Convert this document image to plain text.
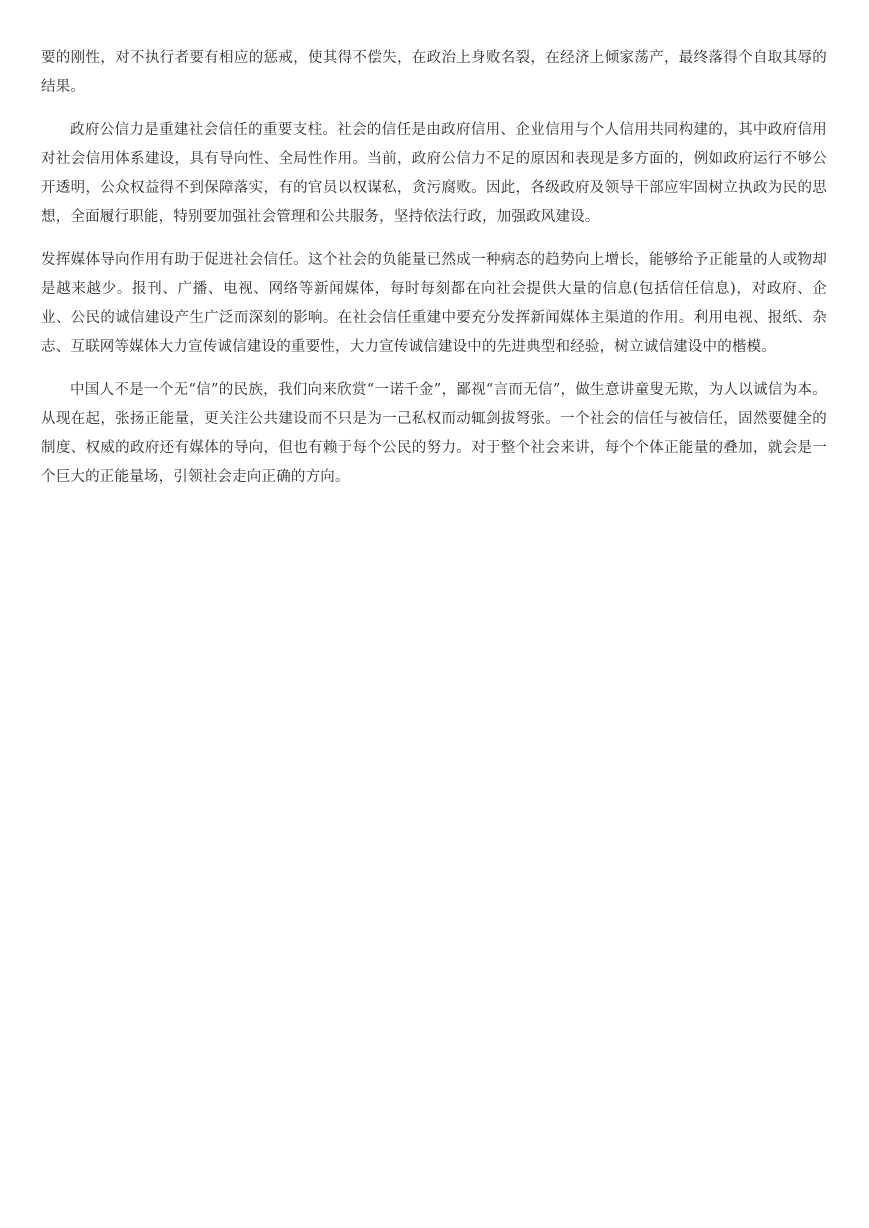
要的刚性，对不执行者要有相应的惩戒，使其得不偿失，在政治上身败名裂，在经济上倾家荡产，最终落得个自取其辱的结果。

政府公信力是重建社会信任的重要支柱。社会的信任是由政府信用、企业信用与个人信用共同构建的，其中政府信用对社会信用体系建设，具有导向性、全局性作用。当前，政府公信力不足的原因和表现是多方面的，例如政府运行不够公开透明，公众权益得不到保障落实，有的官员以权谋私，贪污腐败。因此，各级政府及领导干部应牢固树立执政为民的思想，全面履行职能，特别要加强社会管理和公共服务，坚持依法行政，加强政风建设。

发挥媒体导向作用有助于促进社会信任。这个社会的负能量已然成一种病态的趋势向上增长，能够给予正能量的人或物却是越来越少。报刊、广播、电视、网络等新闻媒体，每时每刻都在向社会提供大量的信息(包括信任信息)，对政府、企业、公民的诚信建设产生广泛而深刻的影响。在社会信任重建中要充分发挥新闻媒体主渠道的作用。利用电视、报纸、杂志、互联网等媒体大力宣传诚信建设的重要性，大力宣传诚信建设中的先进典型和经验，树立诚信建设中的楷模。

中国人不是一个无“信”的民族，我们向来欣赏“一诺千金”，鄙视“言而无信”，做生意讲童叟无欺，为人以诚信为本。从现在起，张扬正能量，更关注公共建设而不只是为一己私权而动辄剑拔弩张。一个社会的信任与被信任，固然要健全的制度、权威的政府还有媒体的导向，但也有赖于每个公民的努力。对于整个社会来讲，每个个体正能量的叠加，就会是一个巨大的正能量场，引领社会走向正确的方向。
